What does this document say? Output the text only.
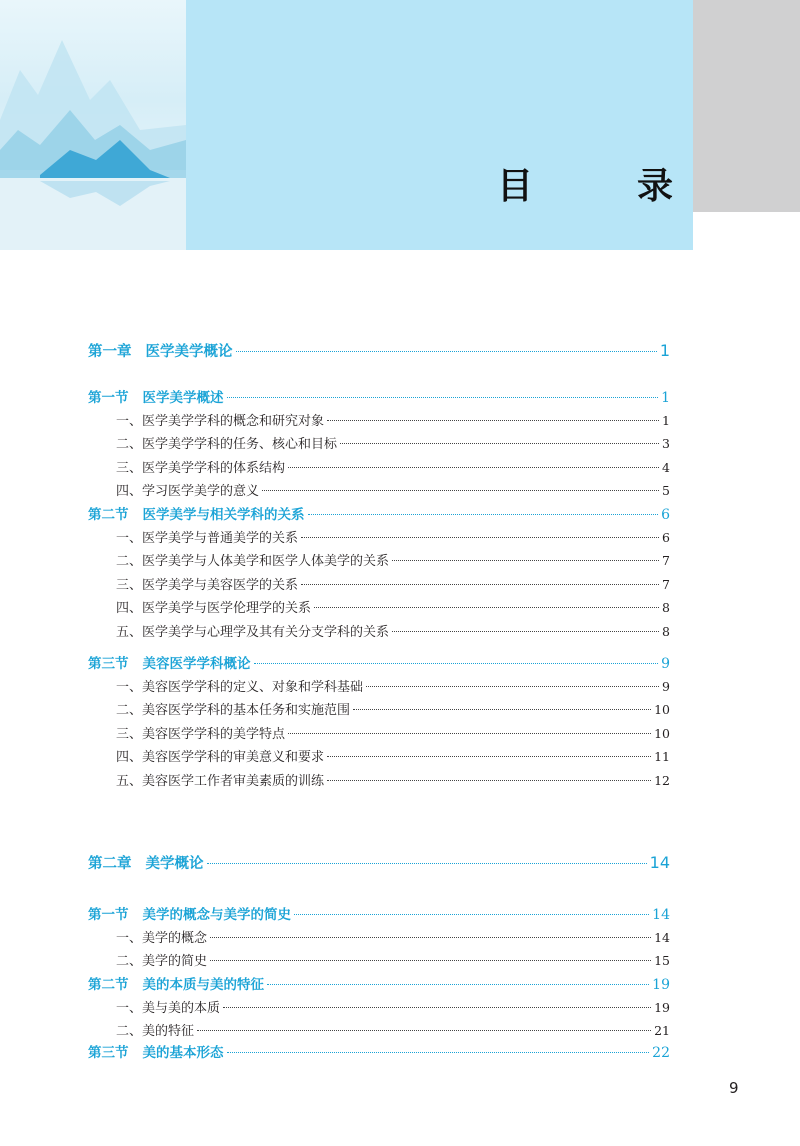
目　录
第一章 医学美学概论	1
第一节 医学美学概述	1
一、医学美学学科的概念和研究对象	1
二、医学美学学科的任务、核心和目标	3
三、医学美学学科的体系结构	4
四、学习医学美学的意义	5
第二节 医学美学与相关学科的关系	6
一、医学美学与普通美学的关系	6
二、医学美学与人体美学和医学人体美学的关系	7
三、医学美学与美容医学的关系	7
四、医学美学与医学伦理学的关系	8
五、医学美学与心理学及其有关分支学科的关系	8
第三节 美容医学学科概论	9
一、美容医学学科的定义、对象和学科基础	9
二、美容医学学科的基本任务和实施范围	10
三、美容医学学科的美学特点	10
四、美容医学学科的审美意义和要求	11
五、美容医学工作者审美素质的训练	12
第二章 美学概论	14
第一节 美学的概念与美学的简史	14
一、美学的概念	14
二、美学的简史	15
第二节 美的本质与美的特征	19
一、美与美的本质	19
二、美的特征	21
第三节 美的基本形态	22
9
